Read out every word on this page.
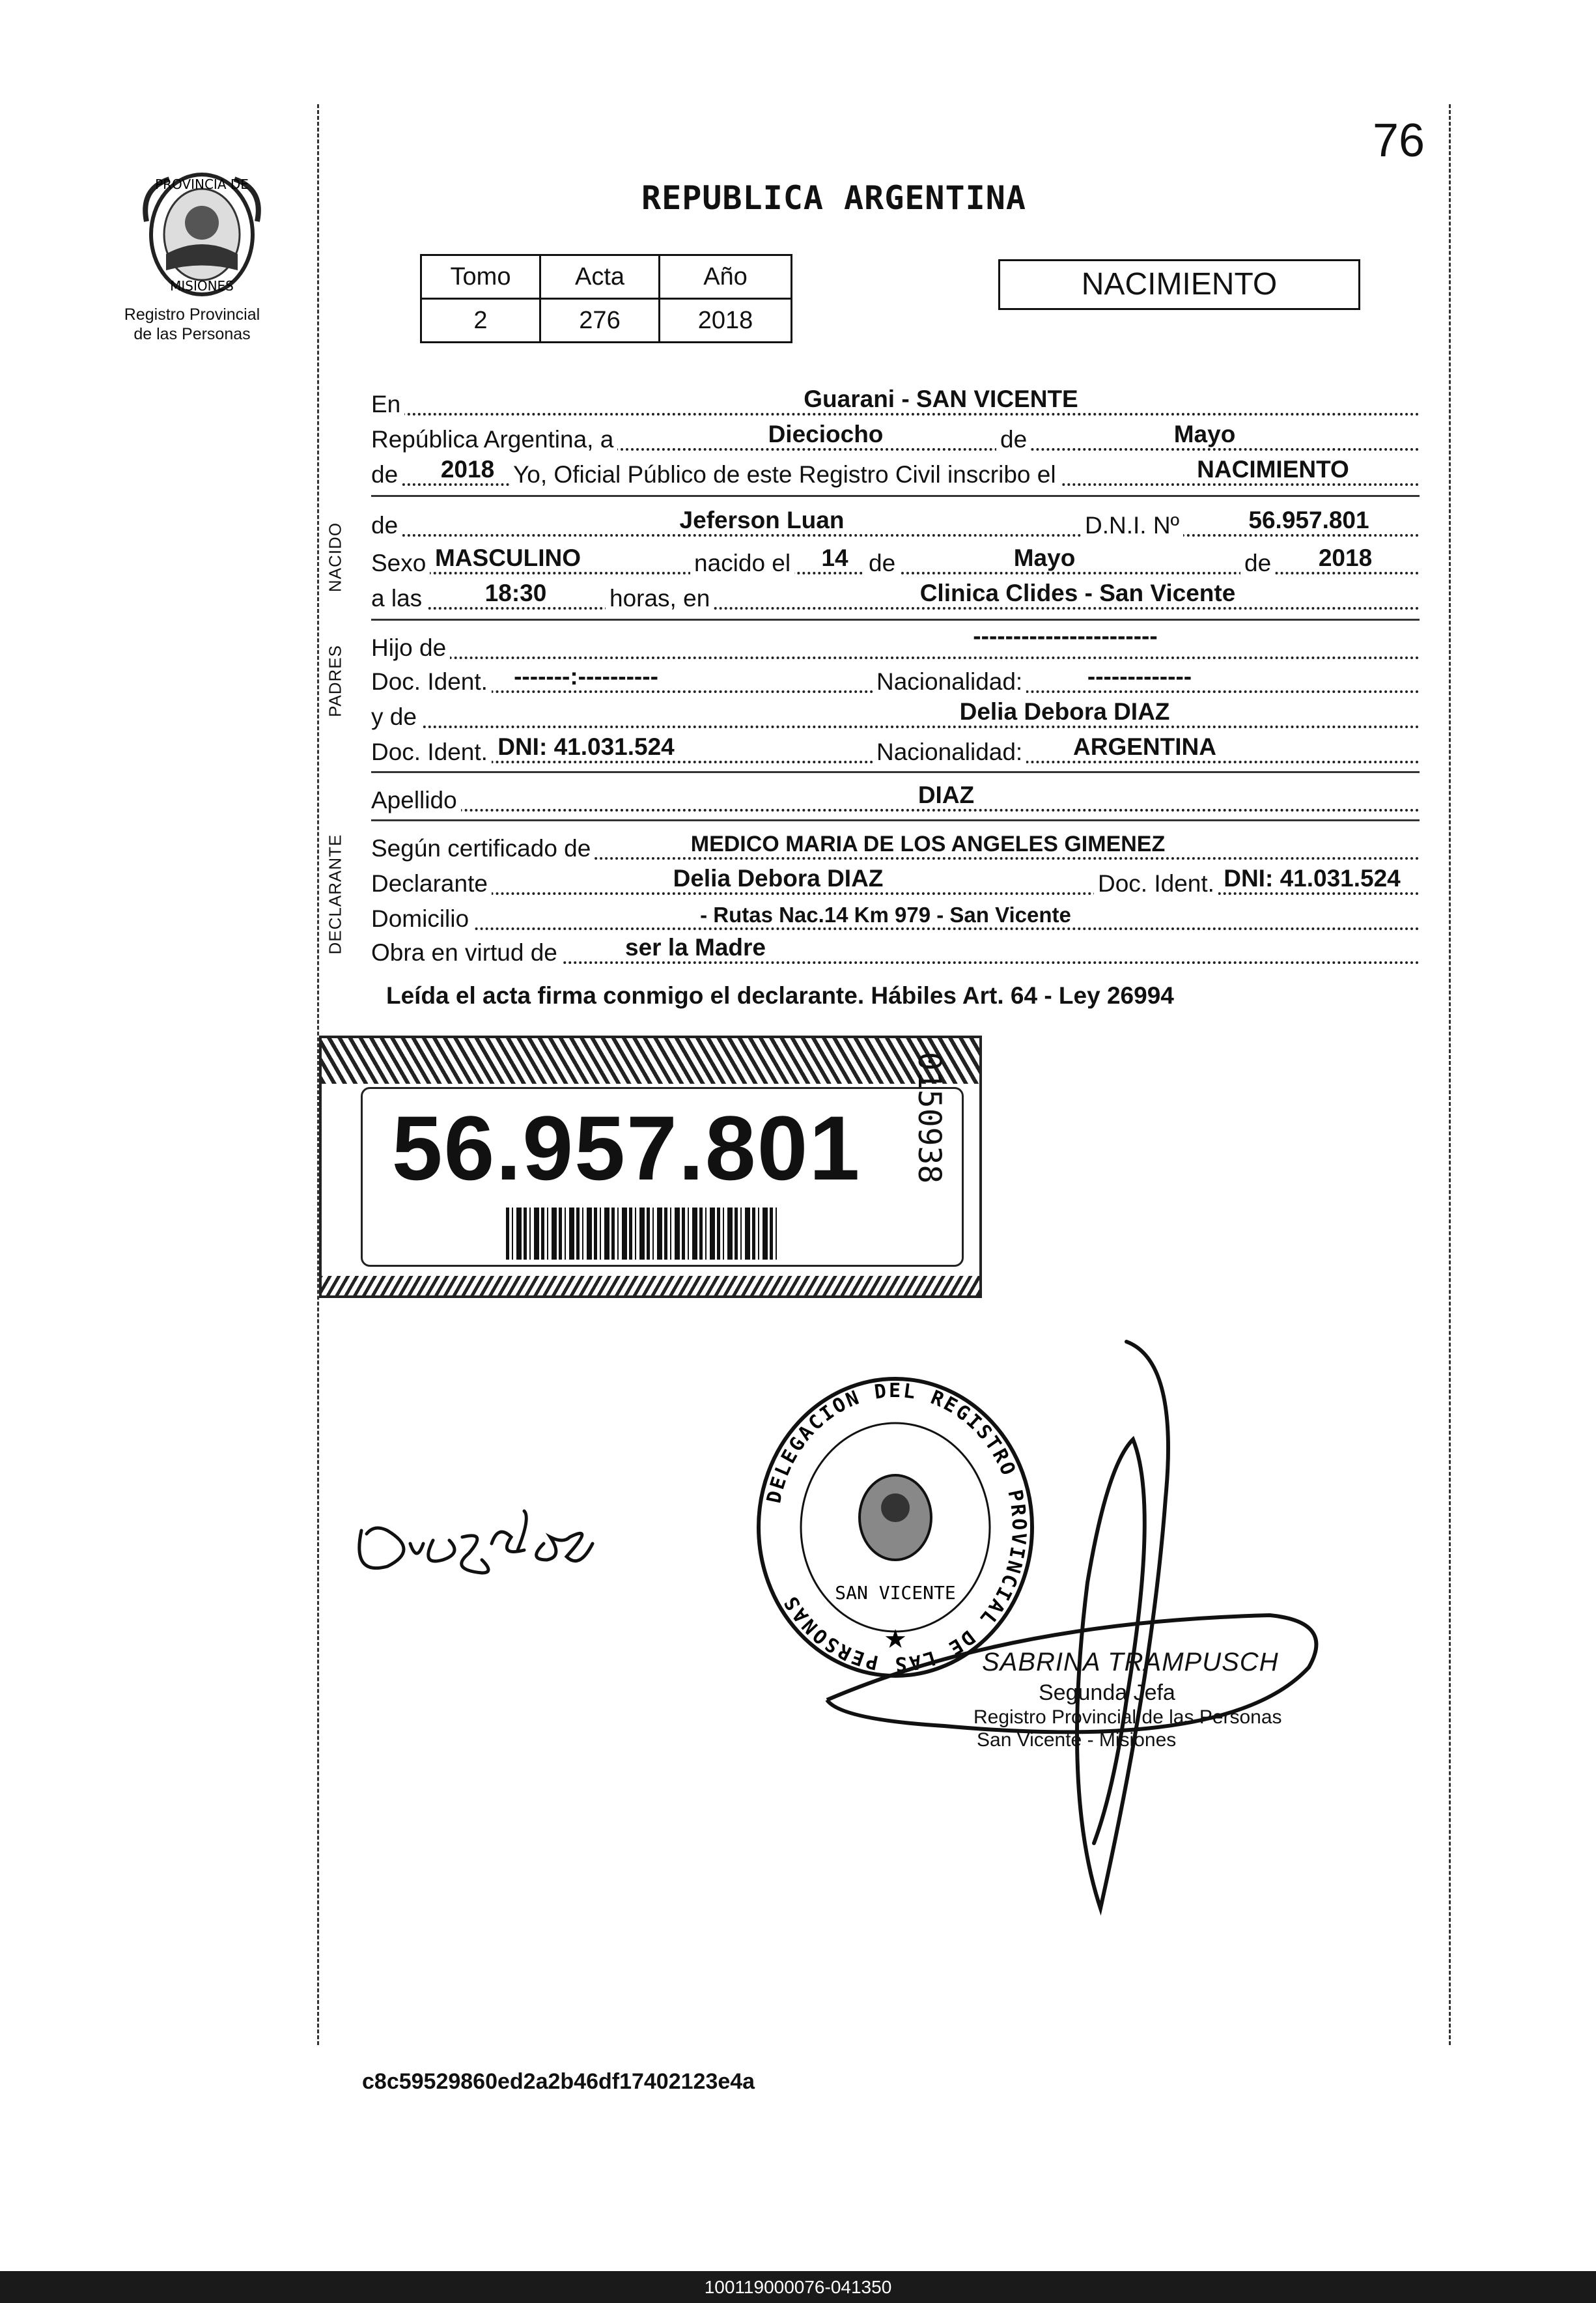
PROVINCIA DE
MISIONES
Registro Provincial
de las Personas
76
REPUBLICA ARGENTINA
Tomo	Acta	Año
2	276	2018
NACIMIENTO
En	Guarani - SAN VICENTE
República Argentina, a	Dieciocho	de	Mayo
de 2018 Yo, Oficial Público de este Registro Civil inscribo el	NACIMIENTO
NACIDO de	Jeferson Luan	D.N.I. Nº	56.957.801
Sexo MASCULINO	nacido el 14 de	Mayo	de 2018
a las	18:30	horas, en	Clinica Clides - San Vicente
PADRES Hijo de	-----------------------
Doc. Ident. -------:----------	Nacionalidad:	-------------
y de	Delia Debora DIAZ
Doc. Ident. DNI: 41.031.524	Nacionalidad: ARGENTINA
Apellido	DIAZ
DECLARANTE Según certificado de	MEDICO MARIA DE LOS ANGELES GIMENEZ
Declarante	Delia Debora DIAZ	Doc. Ident. DNI: 41.031.524
Domicilio	- Rutas Nac.14 Km 979 - San Vicente
Obra en virtud de	ser la Madre
Leída el acta firma conmigo el declarante. Hábiles Art. 64 - Ley 26994
56.957.801	0150938
DELEGACION DEL REGISTRO PROVINCIAL DE LAS PERSONAS	SAN VICENTE
★
SABRINA TRAMPUSCH
Segunda Jefa
Registro Provincial de las Personas
San Vicente - Misiones
c8c59529860ed2a2b46df17402123e4a
100119000076-041350
